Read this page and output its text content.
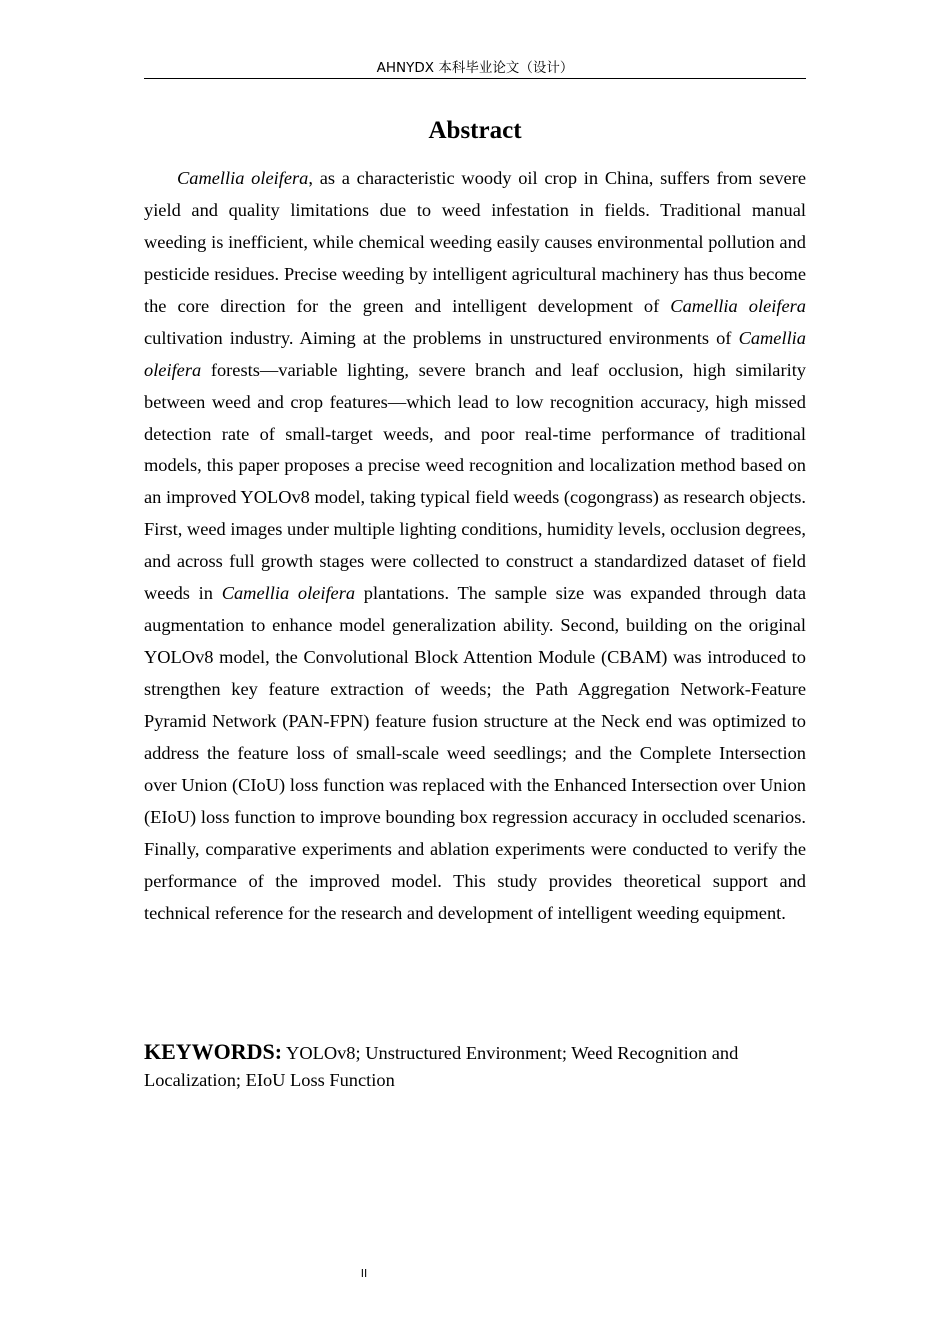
AHNYDX 本科毕业论文（设计）
Abstract

Camellia oleifera, as a characteristic woody oil crop in China, suffers from severe yield and quality limitations due to weed infestation in fields. Traditional manual weeding is inefficient, while chemical weeding easily causes environmental pollution and pesticide residues. Precise weeding by intelligent agricultural machinery has thus become the core direction for the green and intelligent development of Camellia oleifera cultivation industry. Aiming at the problems in unstructured environments of Camellia oleifera forests—variable lighting, severe branch and leaf occlusion, high similarity between weed and crop features—which lead to low recognition accuracy, high missed detection rate of small-target weeds, and poor real-time performance of traditional models, this paper proposes a precise weed recognition and localization method based on an improved YOLOv8 model, taking typical field weeds (cogongrass) as research objects. First, weed images under multiple lighting conditions, humidity levels, occlusion degrees, and across full growth stages were collected to construct a standardized dataset of field weeds in Camellia oleifera plantations. The sample size was expanded through data augmentation to enhance model generalization ability. Second, building on the original YOLOv8 model, the Convolutional Block Attention Module (CBAM) was introduced to strengthen key feature extraction of weeds; the Path Aggregation Network-Feature Pyramid Network (PAN-FPN) feature fusion structure at the Neck end was optimized to address the feature loss of small-scale weed seedlings; and the Complete Intersection over Union (CIoU) loss function was replaced with the Enhanced Intersection over Union (EIoU) loss function to improve bounding box regression accuracy in occluded scenarios. Finally, comparative experiments and ablation experiments were conducted to verify the performance of the improved model. This study provides theoretical support and technical reference for the research and development of intelligent weeding equipment.

KEYWORDS: YOLOv8; Unstructured Environment; Weed Recognition and Localization; EIoU Loss Function

II
